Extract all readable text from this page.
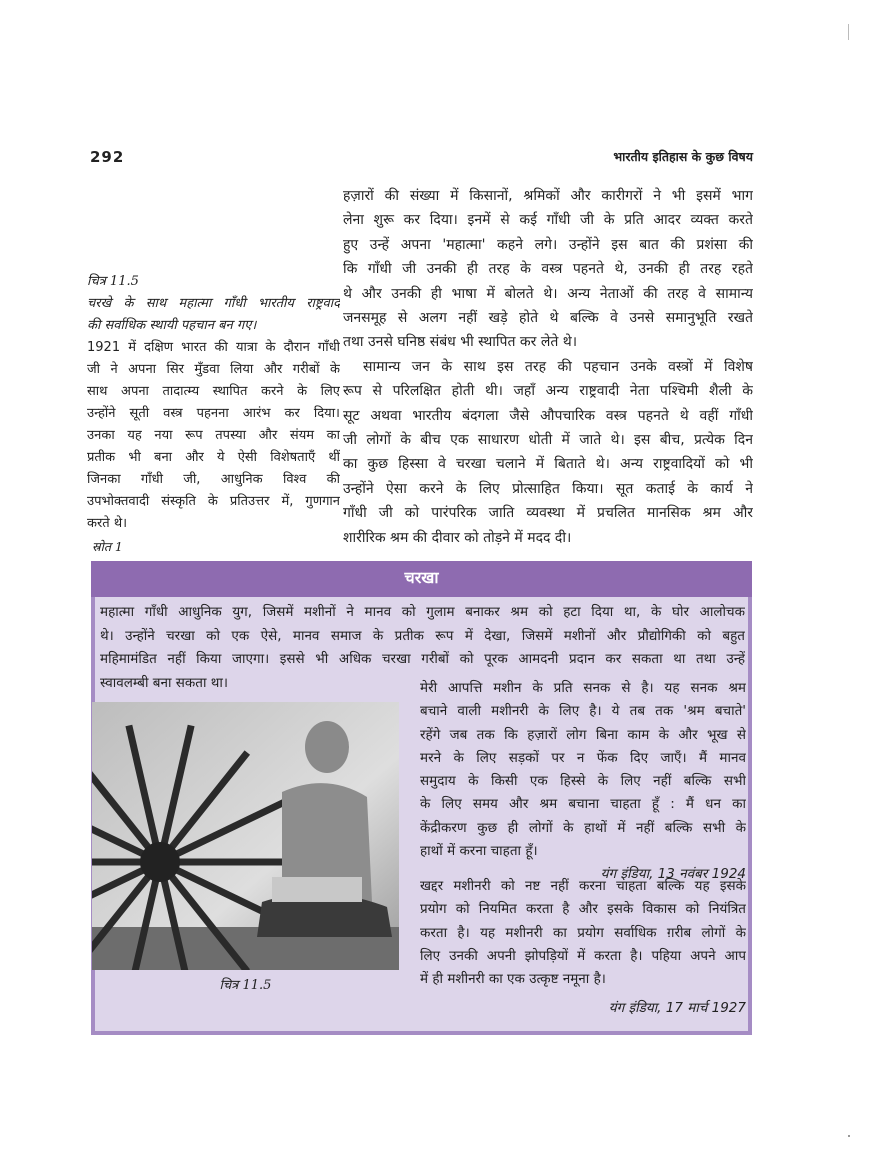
292	भारतीय इतिहास के कुछ विषय
हज़ारों की संख्या में किसानों, श्रमिकों और कारीगरों ने भी इसमें भाग
लेना शुरू कर दिया। इनमें से कई गाँधी जी के प्रति आदर व्यक्त करते
हुए उन्हें अपना 'महात्मा' कहने लगे। उन्होंने इस बात की प्रशंसा की
कि गाँधी जी उनकी ही तरह के वस्त्र पहनते थे, उनकी ही तरह रहते
थे और उनकी ही भाषा में बोलते थे। अन्य नेताओं की तरह वे सामान्य
जनसमूह से अलग नहीं खड़े होते थे बल्कि वे उनसे समानुभूति रखते
तथा उनसे घनिष्ठ संबंध भी स्थापित कर लेते थे।
सामान्य जन के साथ इस तरह की पहचान उनके वस्त्रों में विशेष
रूप से परिलक्षित होती थी। जहाँ अन्य राष्ट्रवादी नेता पश्चिमी शैली के
सूट अथवा भारतीय बंदगला जैसे औपचारिक वस्त्र पहनते थे वहीं गाँधी
जी लोगों के बीच एक साधारण धोती में जाते थे। इस बीच, प्रत्येक दिन
का कुछ हिस्सा वे चरखा चलाने में बिताते थे। अन्य राष्ट्रवादियों को भी
उन्होंने ऐसा करने के लिए प्रोत्साहित किया। सूत कताई के कार्य ने
गाँधी जी को पारंपरिक जाति व्यवस्था में प्रचलित मानसिक श्रम और
शारीरिक श्रम की दीवार को तोड़ने में मदद दी।
चित्र 11.5
चरखे के साथ महात्मा गाँधी भारतीय राष्ट्रवाद
की सर्वाधिक स्थायी पहचान बन गए।
1921 में दक्षिण भारत की यात्रा के दौरान गाँधी
जी ने अपना सिर मुँडवा लिया और गरीबों के
साथ अपना तादात्म्य स्थापित करने के लिए
उन्होंने सूती वस्त्र पहनना आरंभ कर दिया।
उनका यह नया रूप तपस्या और संयम का
प्रतीक भी बना और ये ऐसी विशेषताएँ थीं
जिनका गाँधी जी, आधुनिक विश्व की
उपभोक्तवादी संस्कृति के प्रतिउत्तर में, गुणगान
करते थे।
स्रोत 1
चरखा
महात्मा गाँधी आधुनिक युग, जिसमें मशीनों ने मानव को गुलाम बनाकर श्रम को हटा दिया था, के घोर आलोचक
थे। उन्होंने चरखा को एक ऐसे, मानव समाज के प्रतीक रूप में देखा, जिसमें मशीनों और प्रौद्योगिकी को बहुत
महिमामंडित नहीं किया जाएगा। इससे भी अधिक चरखा गरीबों को पूरक आमदनी प्रदान कर सकता था तथा उन्हें
स्वावलम्बी बना सकता था।	मेरी आपत्ति मशीन के प्रति सनक से है। यह सनक श्रम
बचाने वाली मशीनरी के लिए है। ये तब तक 'श्रम बचाते'
रहेंगे जब तक कि हज़ारों लोग बिना काम के और भूख से
मरने के लिए सड़कों पर न फेंक दिए जाएँ। मैं मानव
समुदाय के किसी एक हिस्से के लिए नहीं बल्कि सभी
के लिए समय और श्रम बचाना चाहता हूँ : मैं धन का
केंद्रीकरण कुछ ही लोगों के हाथों में नहीं बल्कि सभी के
हाथों में करना चाहता हूँ।
यंग इंडिया, 13 नवंबर 1924
खद्दर मशीनरी को नष्ट नहीं करना चाहता बल्कि यह इसके
प्रयोग को नियमित करता है और इसके विकास को नियंत्रित
करता है। यह मशीनरी का प्रयोग सर्वाधिक ग़रीब लोगों के
लिए उनकी अपनी झोपड़ियों में करता है। पहिया अपने आप
में ही मशीनरी का एक उत्कृष्ट नमूना है।
यंग इंडिया, 17 मार्च 1927
चित्र 11.5
